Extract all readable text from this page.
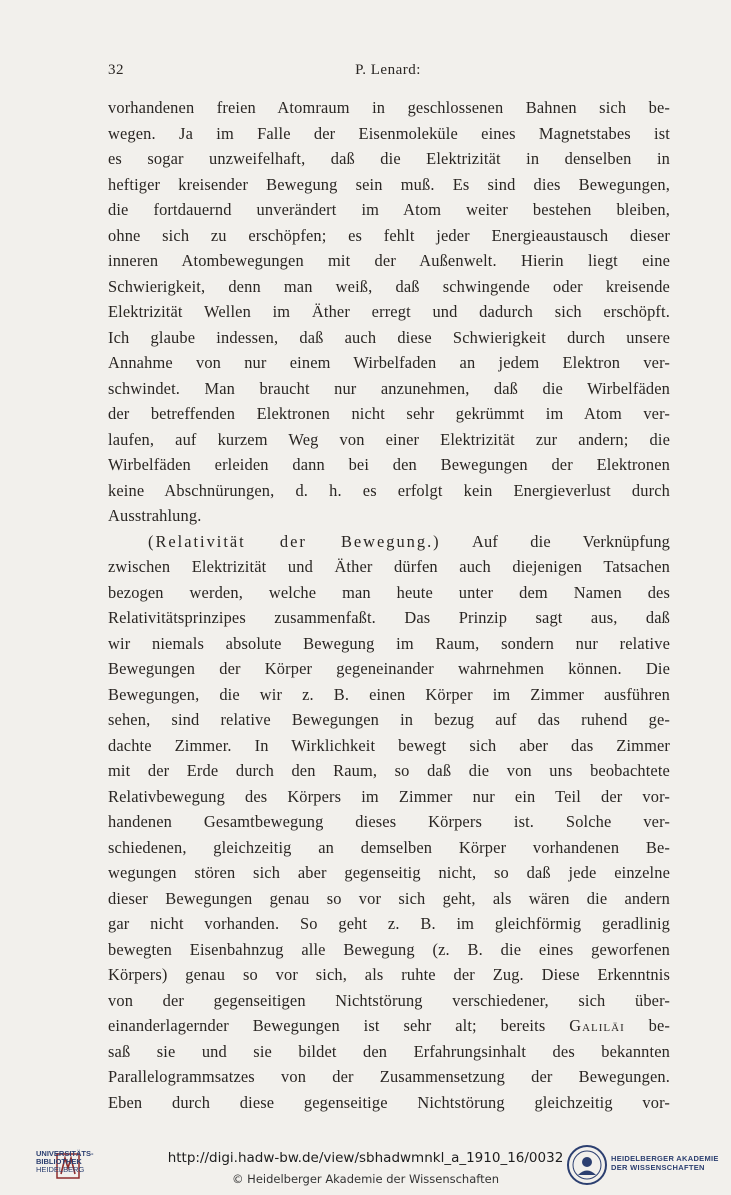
32	P. Lenard:
vorhandenen freien Atomraum in geschlossenen Bahnen sich be-
wegen. Ja im Falle der Eisenmoleküle eines Magnetstabes ist
es sogar unzweifelhaft, daß die Elektrizität in denselben in
heftiger kreisender Bewegung sein muß. Es sind dies Bewegungen,
die fortdauernd unverändert im Atom weiter bestehen bleiben,
ohne sich zu erschöpfen; es fehlt jeder Energieaustausch dieser
inneren Atombewegungen mit der Außenwelt. Hierin liegt eine
Schwierigkeit, denn man weiß, daß schwingende oder kreisende
Elektrizität Wellen im Äther erregt und dadurch sich erschöpft.
Ich glaube indessen, daß auch diese Schwierigkeit durch unsere
Annahme von nur einem Wirbelfaden an jedem Elektron ver-
schwindet. Man braucht nur anzunehmen, daß die Wirbelfäden
der betreffenden Elektronen nicht sehr gekrümmt im Atom ver-
laufen, auf kurzem Weg von einer Elektrizität zur andern; die
Wirbelfäden erleiden dann bei den Bewegungen der Elektronen
keine Abschnürungen, d. h. es erfolgt kein Energieverlust durch
Ausstrahlung.
(Relativität der Bewegung.) Auf die Verknüpfung
zwischen Elektrizität und Äther dürfen auch diejenigen Tatsachen
bezogen werden, welche man heute unter dem Namen des
Relativitätsprinzipes zusammenfaßt. Das Prinzip sagt aus, daß
wir niemals absolute Bewegung im Raum, sondern nur relative
Bewegungen der Körper gegeneinander wahrnehmen können. Die
Bewegungen, die wir z. B. einen Körper im Zimmer ausführen
sehen, sind relative Bewegungen in bezug auf das ruhend ge-
dachte Zimmer. In Wirklichkeit bewegt sich aber das Zimmer
mit der Erde durch den Raum, so daß die von uns beobachtete
Relativbewegung des Körpers im Zimmer nur ein Teil der vor-
handenen Gesamtbewegung dieses Körpers ist. Solche ver-
schiedenen, gleichzeitig an demselben Körper vorhandenen Be-
wegungen stören sich aber gegenseitig nicht, so daß jede einzelne
dieser Bewegungen genau so vor sich geht, als wären die andern
gar nicht vorhanden. So geht z. B. im gleichförmig geradlinig
bewegten Eisenbahnzug alle Bewegung (z. B. die eines geworfenen
Körpers) genau so vor sich, als ruhte der Zug. Diese Erkenntnis
von der gegenseitigen Nichtstörung verschiedener, sich über-
einanderlagernder Bewegungen ist sehr alt; bereits Galiläi be-
saß sie und sie bildet den Erfahrungsinhalt des bekannten
Parallelogrammsatzes von der Zusammensetzung der Bewegungen.
Eben durch diese gegenseitige Nichtstörung gleichzeitig vor-
UNIVERSITÄTS-
BIBLIOTHEK
HEIDELBERG
http://digi.hadw-bw.de/view/sbhadwmnkl_a_1910_16/0032
© Heidelberger Akademie der Wissenschaften
HEIDELBERGER AKADEMIE
DER WISSENSCHAFTEN
